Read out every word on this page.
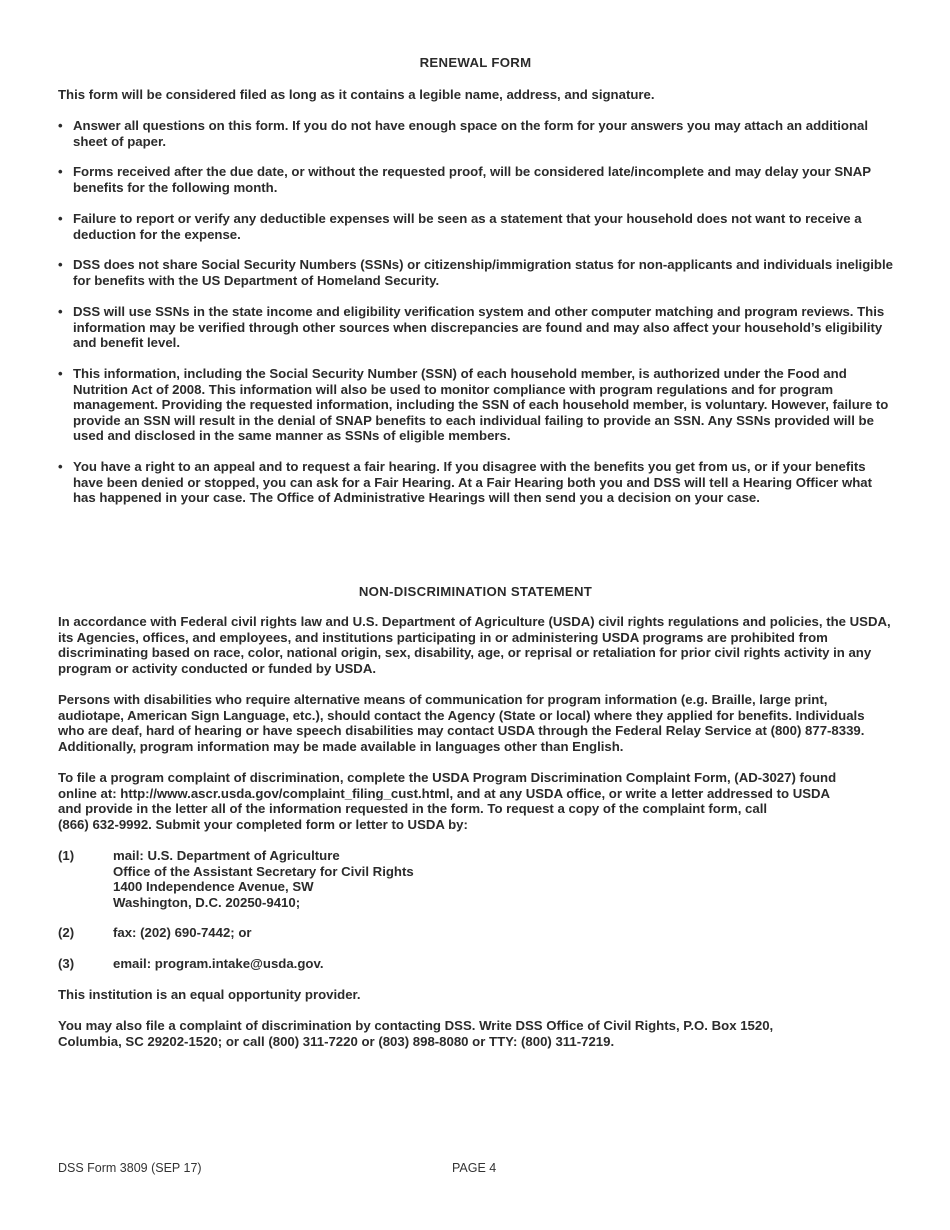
RENEWAL FORM
This form will be considered filed as long as it contains a legible name, address, and signature.
• Answer all questions on this form. If you do not have enough space on the form for your answers you may attach an additional sheet of paper.
• Forms received after the due date, or without the requested proof, will be considered late/incomplete and may delay your SNAP benefits for the following month.
• Failure to report or verify any deductible expenses will be seen as a statement that your household does not want to receive a deduction for the expense.
• DSS does not share Social Security Numbers (SSNs) or citizenship/immigration status for non-applicants and individuals ineligible for benefits with the US Department of Homeland Security.
• DSS will use SSNs in the state income and eligibility verification system and other computer matching and program reviews. This information may be verified through other sources when discrepancies are found and may also affect your household’s eligibility and benefit level.
• This information, including the Social Security Number (SSN) of each household member, is authorized under the Food and Nutrition Act of 2008. This information will also be used to monitor compliance with program regulations and for program management. Providing the requested information, including the SSN of each household member, is voluntary. However, failure to provide an SSN will result in the denial of SNAP benefits to each individual failing to provide an SSN. Any SSNs provided will be used and disclosed in the same manner as SSNs of eligible members.
• You have a right to an appeal and to request a fair hearing. If you disagree with the benefits you get from us, or if your benefits have been denied or stopped, you can ask for a Fair Hearing. At a Fair Hearing both you and DSS will tell a Hearing Officer what has happened in your case. The Office of Administrative Hearings will then send you a decision on your case.
NON-DISCRIMINATION STATEMENT
In accordance with Federal civil rights law and U.S. Department of Agriculture (USDA) civil rights regulations and policies, the USDA, its Agencies, offices, and employees, and institutions participating in or administering USDA programs are prohibited from discriminating based on race, color, national origin, sex, disability, age, or reprisal or retaliation for prior civil rights activity in any program or activity conducted or funded by USDA.
Persons with disabilities who require alternative means of communication for program information (e.g. Braille, large print, audiotape, American Sign Language, etc.), should contact the Agency (State or local) where they applied for benefits. Individuals who are deaf, hard of hearing or have speech disabilities may contact USDA through the Federal Relay Service at (800) 877-8339. Additionally, program information may be made available in languages other than English.
To file a program complaint of discrimination, complete the USDA Program Discrimination Complaint Form, (AD-3027) found
online at: http://www.ascr.usda.gov/complaint_filing_cust.html, and at any USDA office, or write a letter addressed to USDA
and provide in the letter all of the information requested in the form. To request a copy of the complaint form, call
(866) 632-9992. Submit your completed form or letter to USDA by:
(1)	mail: U.S. Department of Agriculture
Office of the Assistant Secretary for Civil Rights
1400 Independence Avenue, SW
Washington, D.C. 20250-9410;
(2)	fax: (202) 690-7442; or
(3)	email: program.intake@usda.gov.
This institution is an equal opportunity provider.
You may also file a complaint of discrimination by contacting DSS. Write DSS Office of Civil Rights, P.O. Box 1520,
Columbia, SC 29202-1520; or call (800) 311-7220 or (803) 898-8080 or TTY: (800) 311-7219.
DSS Form 3809 (SEP 17)	PAGE 4
